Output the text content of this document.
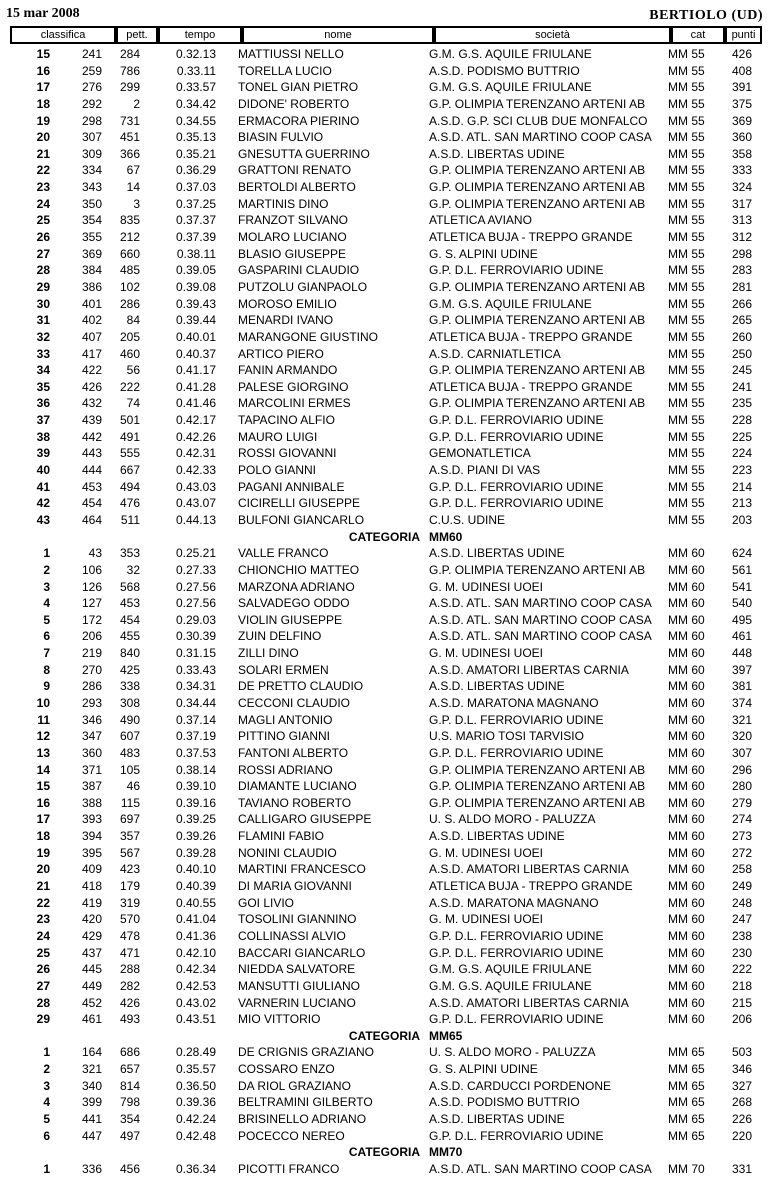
15 mar 2008	BERTIOLO (UD)
classifica	pett.	tempo	nome	società	cat	punti
15	241	284	0.32.13 MATTIUSSI NELLO	G.M. G.S. AQUILE FRIULANE	MM 55	426
16	259	786	0.33.11 TORELLA LUCIO	A.S.D. PODISMO BUTTRIO	MM 55	408
17	276	299	0.33.57 TONEL GIAN PIETRO	G.M. G.S. AQUILE FRIULANE	MM 55	391
18	292	2	0.34.42 DIDONE' ROBERTO	G.P. OLIMPIA TERENZANO ARTENI AB	MM 55	375
19	298	731	0.34.55 ERMACORA PIERINO	A.S.D. G.P. SCI CLUB DUE MONFALCO	MM 55	369
20	307	451	0.35.13 BIASIN FULVIO	A.S.D. ATL. SAN MARTINO COOP CASA	MM 55	360
21	309	366	0.35.21 GNESUTTA GUERRINO	A.S.D. LIBERTAS UDINE	MM 55	358
22	334	67	0.36.29 GRATTONI RENATO	G.P. OLIMPIA TERENZANO ARTENI AB	MM 55	333
23	343	14	0.37.03 BERTOLDI ALBERTO	G.P. OLIMPIA TERENZANO ARTENI AB	MM 55	324
24	350	3	0.37.25 MARTINIS DINO	G.P. OLIMPIA TERENZANO ARTENI AB	MM 55	317
25	354	835	0.37.37 FRANZOT SILVANO	ATLETICA AVIANO	MM 55	313
26	355	212	0.37.39 MOLARO LUCIANO	ATLETICA BUJA - TREPPO GRANDE	MM 55	312
27	369	660	0.38.11 BLASIO GIUSEPPE	G. S. ALPINI UDINE	MM 55	298
28	384	485	0.39.05 GASPARINI CLAUDIO	G.P. D.L. FERROVIARIO UDINE	MM 55	283
29	386	102	0.39.08 PUTZOLU GIANPAOLO	G.P. OLIMPIA TERENZANO ARTENI AB	MM 55	281
30	401	286	0.39.43 MOROSO EMILIO	G.M. G.S. AQUILE FRIULANE	MM 55	266
31	402	84	0.39.44 MENARDI IVANO	G.P. OLIMPIA TERENZANO ARTENI AB	MM 55	265
32	407	205	0.40.01 MARANGONE GIUSTINO	ATLETICA BUJA - TREPPO GRANDE	MM 55	260
33	417	460	0.40.37 ARTICO PIERO	A.S.D. CARNIATLETICA	MM 55	250
34	422	56	0.41.17 FANIN ARMANDO	G.P. OLIMPIA TERENZANO ARTENI AB	MM 55	245
35	426	222	0.41.28 PALESE GIORGINO	ATLETICA BUJA - TREPPO GRANDE	MM 55	241
36	432	74	0.41.46 MARCOLINI ERMES	G.P. OLIMPIA TERENZANO ARTENI AB	MM 55	235
37	439	501	0.42.17 TAPACINO ALFIO	G.P. D.L. FERROVIARIO UDINE	MM 55	228
38	442	491	0.42.26 MAURO LUIGI	G.P. D.L. FERROVIARIO UDINE	MM 55	225
39	443	555	0.42.31 ROSSI GIOVANNI	GEMONATLETICA	MM 55	224
40	444	667	0.42.33 POLO GIANNI	A.S.D. PIANI DI VAS	MM 55	223
41	453	494	0.43.03 PAGANI ANNIBALE	G.P. D.L. FERROVIARIO UDINE	MM 55	214
42	454	476	0.43.07 CICIRELLI GIUSEPPE	G.P. D.L. FERROVIARIO UDINE	MM 55	213
43	464	511	0.44.13 BULFONI GIANCARLO	C.U.S. UDINE	MM 55	203
CATEGORIA MM60
1	43	353	0.25.21 VALLE FRANCO	A.S.D. LIBERTAS UDINE	MM 60	624
2	106	32	0.27.33 CHIONCHIO MATTEO	G.P. OLIMPIA TERENZANO ARTENI AB	MM 60	561
3	126	568	0.27.56 MARZONA ADRIANO	G. M. UDINESI UOEI	MM 60	541
4	127	453	0.27.56 SALVADEGO ODDO	A.S.D. ATL. SAN MARTINO COOP CASA	MM 60	540
5	172	454	0.29.03 VIOLIN GIUSEPPE	A.S.D. ATL. SAN MARTINO COOP CASA	MM 60	495
6	206	455	0.30.39 ZUIN DELFINO	A.S.D. ATL. SAN MARTINO COOP CASA	MM 60	461
7	219	840	0.31.15 ZILLI DINO	G. M. UDINESI UOEI	MM 60	448
8	270	425	0.33.43 SOLARI ERMEN	A.S.D. AMATORI LIBERTAS CARNIA	MM 60	397
9	286	338	0.34.31 DE PRETTO CLAUDIO	A.S.D. LIBERTAS UDINE	MM 60	381
10	293	308	0.34.44 CECCONI CLAUDIO	A.S.D. MARATONA MAGNANO	MM 60	374
11	346	490	0.37.14 MAGLI ANTONIO	G.P. D.L. FERROVIARIO UDINE	MM 60	321
12	347	607	0.37.19 PITTINO GIANNI	U.S. MARIO TOSI TARVISIO	MM 60	320
13	360	483	0.37.53 FANTONI ALBERTO	G.P. D.L. FERROVIARIO UDINE	MM 60	307
14	371	105	0.38.14 ROSSI ADRIANO	G.P. OLIMPIA TERENZANO ARTENI AB	MM 60	296
15	387	46	0.39.10 DIAMANTE LUCIANO	G.P. OLIMPIA TERENZANO ARTENI AB	MM 60	280
16	388	115	0.39.16 TAVIANO ROBERTO	G.P. OLIMPIA TERENZANO ARTENI AB	MM 60	279
17	393	697	0.39.25 CALLIGARO GIUSEPPE	U. S. ALDO MORO - PALUZZA	MM 60	274
18	394	357	0.39.26 FLAMINI FABIO	A.S.D. LIBERTAS UDINE	MM 60	273
19	395	567	0.39.28 NONINI CLAUDIO	G. M. UDINESI UOEI	MM 60	272
20	409	423	0.40.10 MARTINI FRANCESCO	A.S.D. AMATORI LIBERTAS CARNIA	MM 60	258
21	418	179	0.40.39 DI MARIA GIOVANNI	ATLETICA BUJA - TREPPO GRANDE	MM 60	249
22	419	319	0.40.55 GOI LIVIO	A.S.D. MARATONA MAGNANO	MM 60	248
23	420	570	0.41.04 TOSOLINI GIANNINO	G. M. UDINESI UOEI	MM 60	247
24	429	478	0.41.36 COLLINASSI ALVIO	G.P. D.L. FERROVIARIO UDINE	MM 60	238
25	437	471	0.42.10 BACCARI GIANCARLO	G.P. D.L. FERROVIARIO UDINE	MM 60	230
26	445	288	0.42.34 NIEDDA SALVATORE	G.M. G.S. AQUILE FRIULANE	MM 60	222
27	449	282	0.42.53 MANSUTTI GIULIANO	G.M. G.S. AQUILE FRIULANE	MM 60	218
28	452	426	0.43.02 VARNERIN LUCIANO	A.S.D. AMATORI LIBERTAS CARNIA	MM 60	215
29	461	493	0.43.51 MIO VITTORIO	G.P. D.L. FERROVIARIO UDINE	MM 60	206
CATEGORIA MM65
1	164	686	0.28.49 DE CRIGNIS GRAZIANO	U. S. ALDO MORO - PALUZZA	MM 65	503
2	321	657	0.35.57 COSSARO ENZO	G. S. ALPINI UDINE	MM 65	346
3	340	814	0.36.50 DA RIOL GRAZIANO	A.S.D. CARDUCCI PORDENONE	MM 65	327
4	399	798	0.39.36 BELTRAMINI GILBERTO	A.S.D. PODISMO BUTTRIO	MM 65	268
5	441	354	0.42.24 BRISINELLO ADRIANO	A.S.D. LIBERTAS UDINE	MM 65	226
6	447	497	0.42.48 POCECCO NEREO	G.P. D.L. FERROVIARIO UDINE	MM 65	220
CATEGORIA MM70
1	336	456	0.36.34 PICOTTI FRANCO	A.S.D. ATL. SAN MARTINO COOP CASA	MM 70	331
